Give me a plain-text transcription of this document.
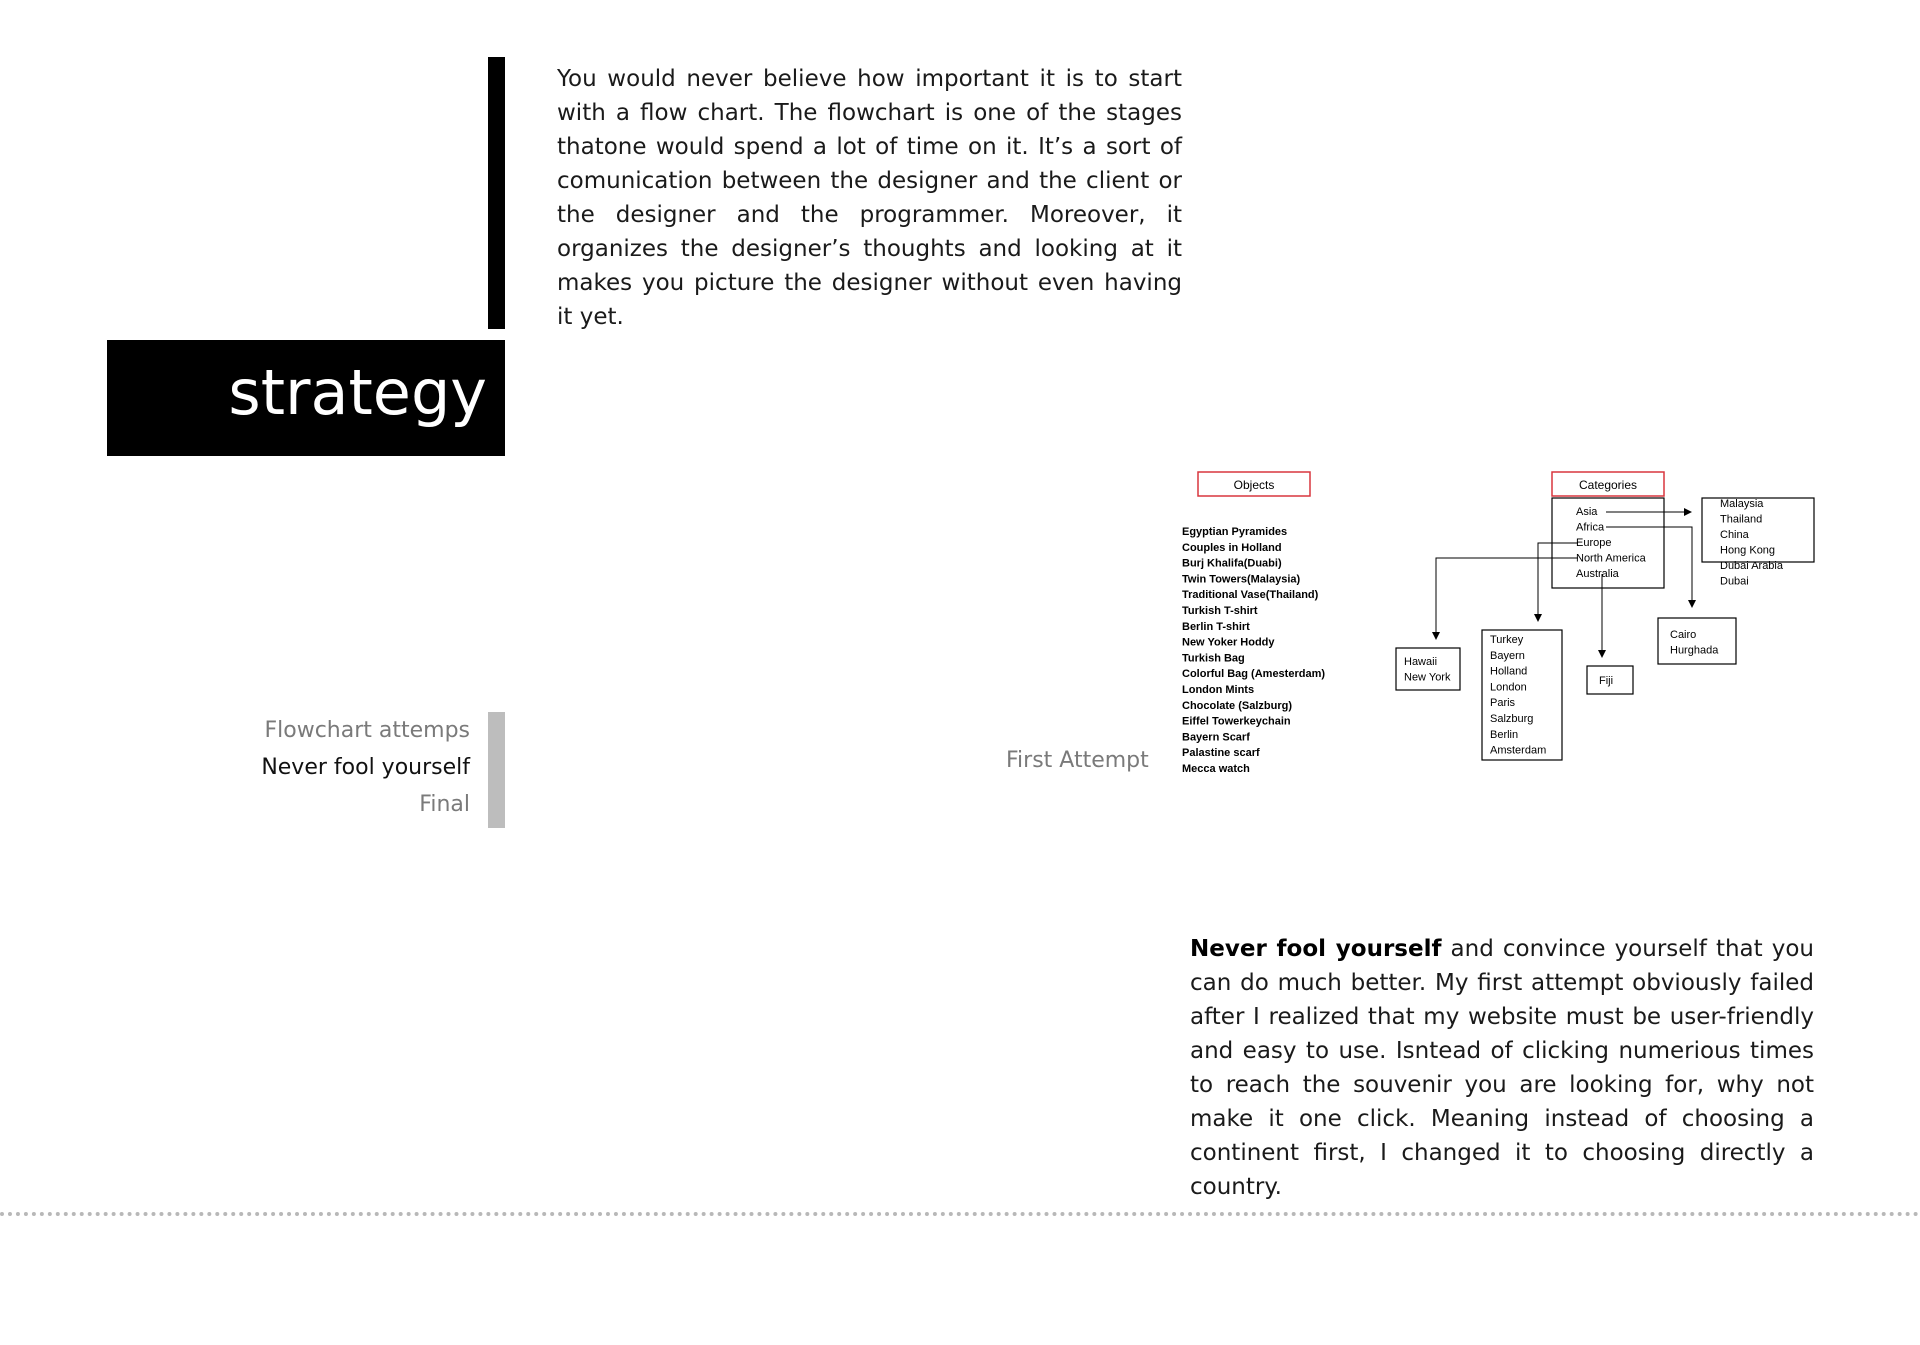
strategy
You would never believe how important it is to start with a flow chart. The flowchart is one of the stages thatone would spend a lot of time on it. It’s a sort of comunication between the designer and the client or the designer and the programmer. Moreover, it organizes the designer’s thoughts and looking at it makes you picture the designer without even having it yet.
Flowchart attemps
Never fool yourself
Final
First Attempt
Objects
Egyptian Pyramides
Couples in Holland
Burj Khalifa(Duabi)
Twin Towers(Malaysia)
Traditional Vase(Thailand)
Turkish T-shirt
Berlin T-shirt
New Yoker Hoddy
Turkish Bag
Colorful Bag (Amesterdam)
London Mints
Chocolate (Salzburg)
Eiffel Towerkeychain
Bayern Scarf
Palastine scarf
Mecca watch
Categories
Asia
Africa
Europe
North America
Australia
Malaysia
Thailand
China
Hong Kong
Dubai Arabia
Dubai
Cairo
Hurghada
Hawaii
New York
Turkey
Bayern
Holland
London
Paris
Salzburg
Berlin
Amsterdam
Fiji
Never fool yourself and convince yourself that you can do much better. My first attempt obviously failed after I realized that my website must be user-friendly and easy to use. Isntead of clicking numerious times to reach the souvenir you are looking for, why not make it one click. Meaning instead of choosing a continent first, I changed it to choosing directly a country.
